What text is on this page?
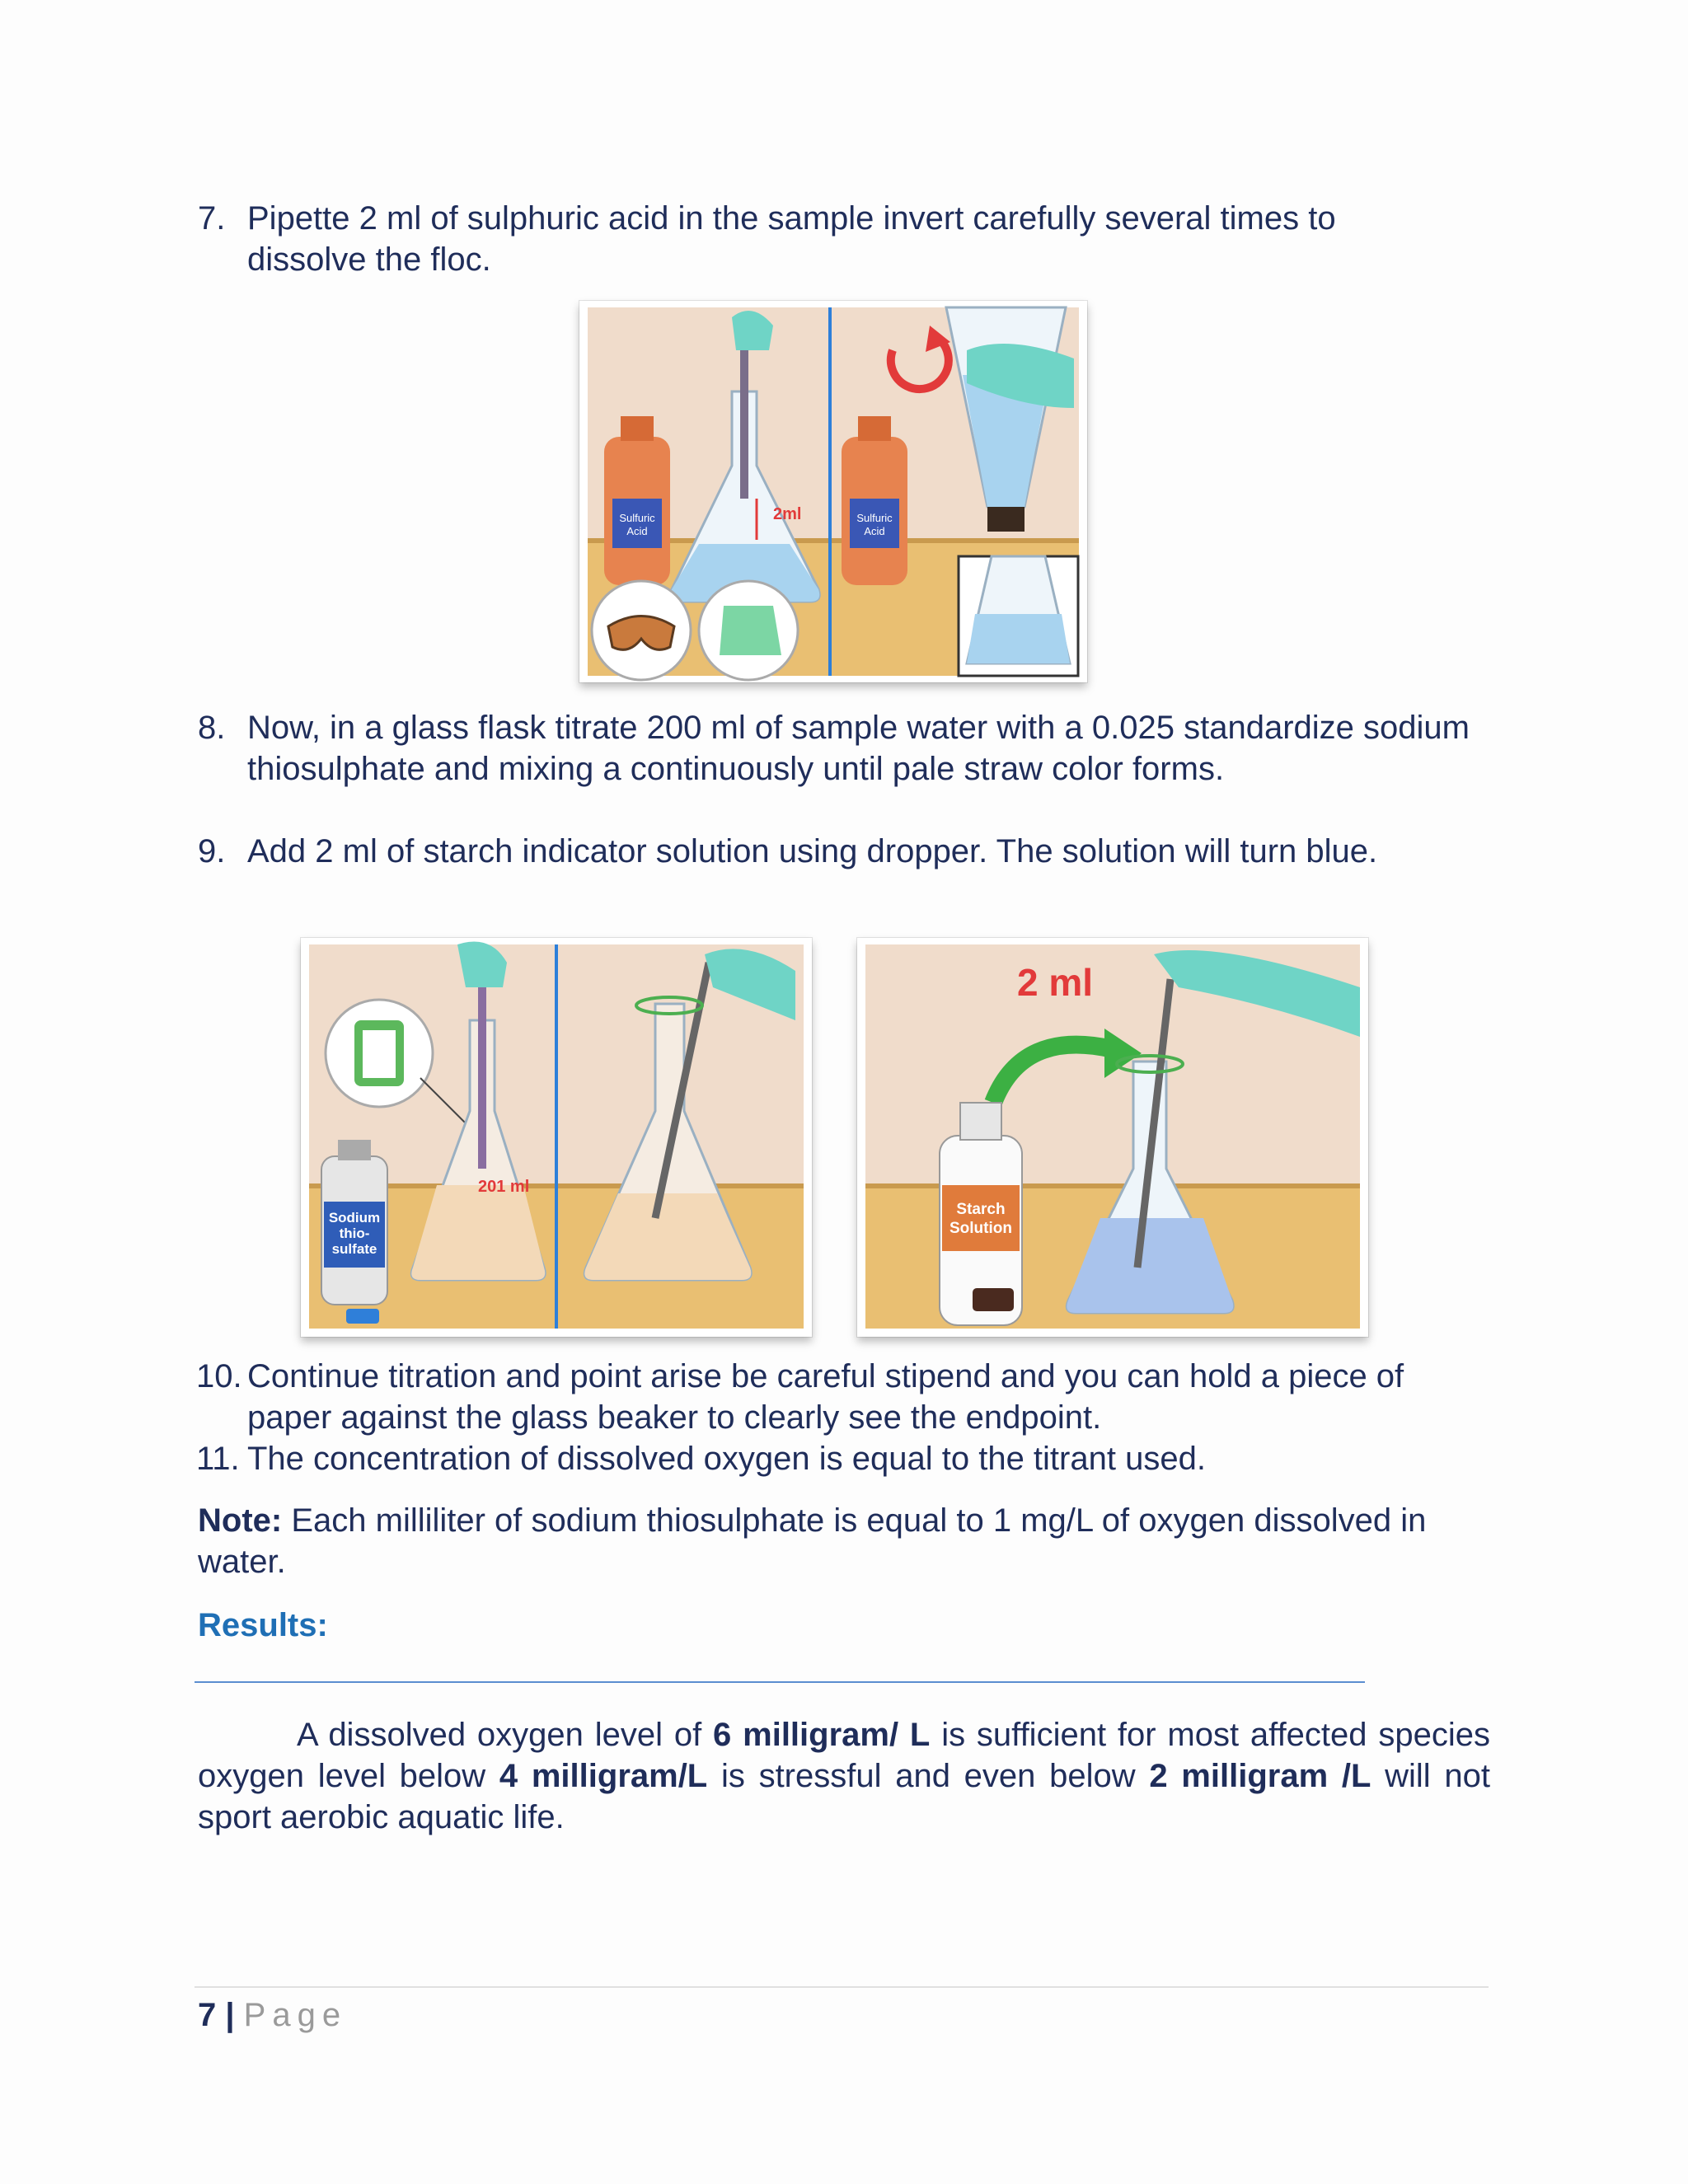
7. Pipette 2 ml of sulphuric acid in the sample invert carefully several times to dissolve the floc.

Sulfuric
Acid
2ml	Sulfuric
Acid
8. Now, in a glass flask titrate 200 ml of sample water with a 0.025 standardize sodium thiosulphate and mixing a continuously until pale straw color forms.

9. Add 2 ml of starch indicator solution using dropper. The solution will turn blue.

Sodium
thio-
sulfate
201 ml
2 ml
Starch
Solution
10. Continue titration and point arise be careful stipend and you can hold a piece of paper against the glass beaker to clearly see the endpoint.

11. The concentration of dissolved oxygen is equal to the titrant used.

Note: Each milliliter of sodium thiosulphate is equal to 1 mg/L of oxygen dissolved in water.
Results:
A dissolved oxygen level of 6 milligram/ L is sufficient for most affected species oxygen level below 4 milligram/L is stressful and even below 2 milligram /L will not sport aerobic aquatic life.
7 | Page
